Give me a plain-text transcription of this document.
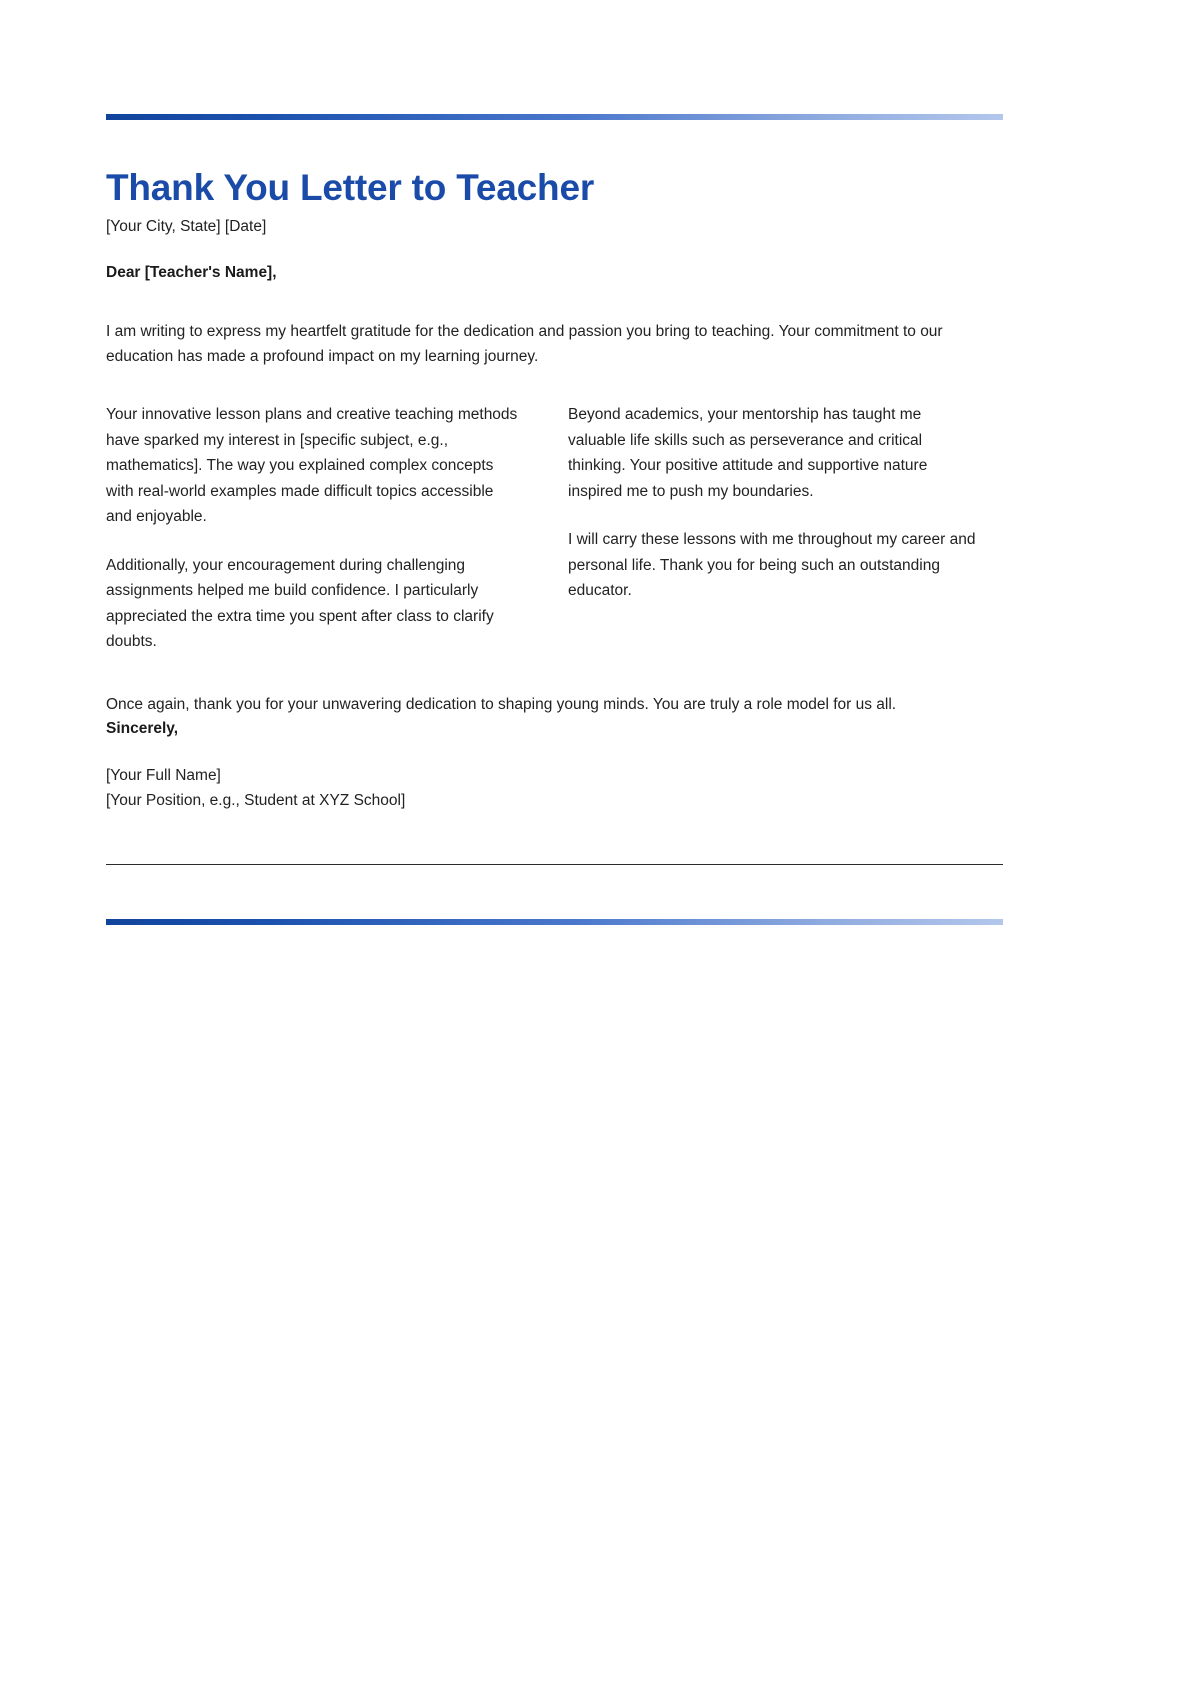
Thank You Letter to Teacher
[Your City, State] [Date]
Dear [Teacher's Name],

I am writing to express my heartfelt gratitude for the dedication and passion you bring to teaching. Your commitment to our education has made a profound impact on my learning journey.

Your innovative lesson plans and creative teaching methods have sparked my interest in [specific subject, e.g., mathematics]. The way you explained complex concepts with real-world examples made difficult topics accessible and enjoyable.

Additionally, your encouragement during challenging assignments helped me build confidence. I particularly appreciated the extra time you spent after class to clarify doubts.

Beyond academics, your mentorship has taught me valuable life skills such as perseverance and critical thinking. Your positive attitude and supportive nature inspired me to push my boundaries.

I will carry these lessons with me throughout my career and personal life. Thank you for being such an outstanding educator.

Once again, thank you for your unwavering dedication to shaping young minds. You are truly a role model for us all.

Sincerely,
[Your Full Name]
[Your Position, e.g., Student at XYZ School]
